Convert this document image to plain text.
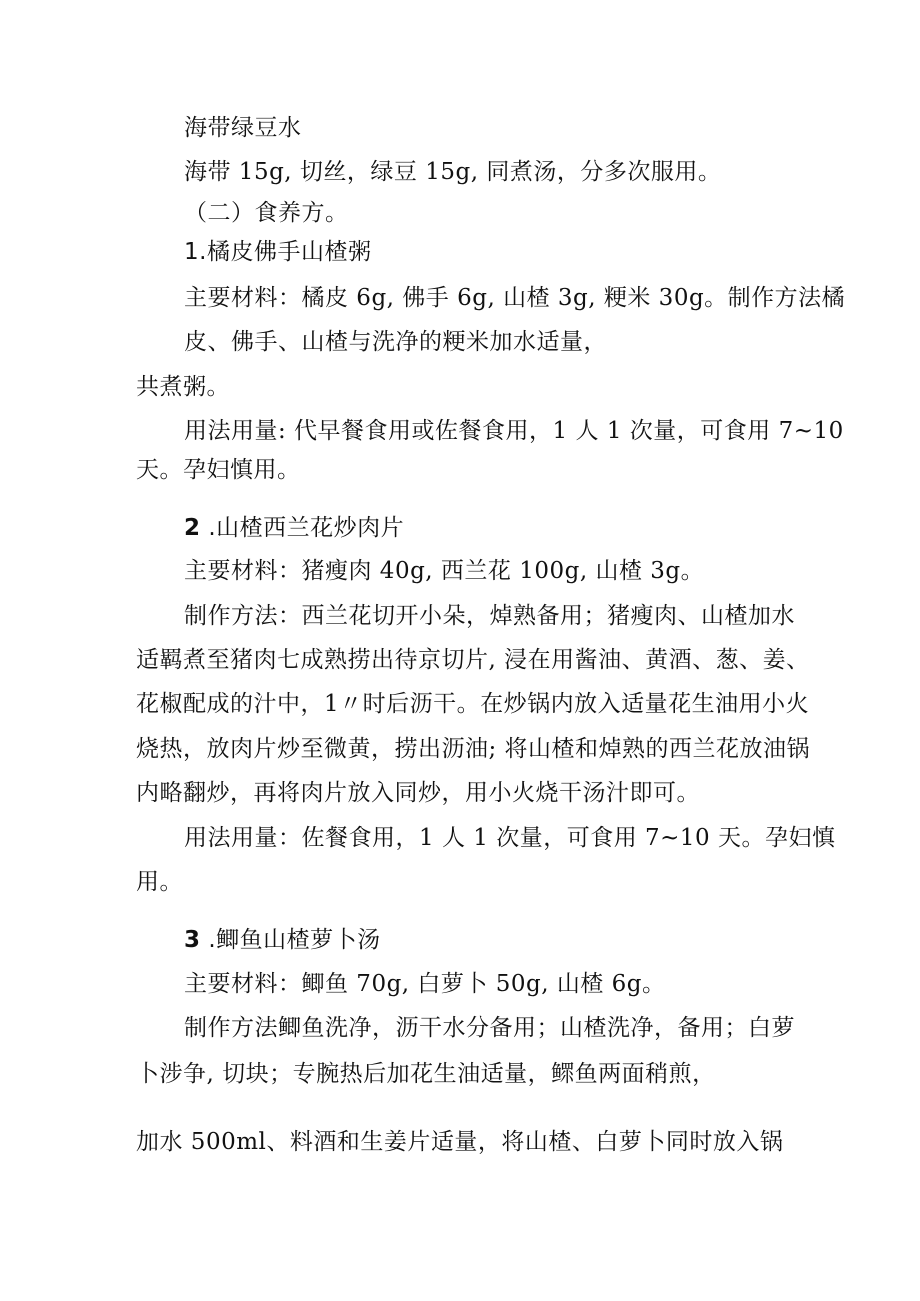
海带绿豆水
海带 15g, 切丝，绿豆 15g, 同煮汤，分多次服用。
（二）食养方。
1.橘皮佛手山楂粥
主要材料：橘皮 6g, 佛手 6g, 山楂 3g, 粳米 30g。制作方法橘
皮、佛手、山楂与洗净的粳米加水适量，
共煮粥。
用法用量: 代早餐食用或佐餐食用，1 人 1 次量，可食用 7~10
天。孕妇慎用。
2 .山楂西兰花炒肉片
主要材料：猪瘦肉 40g, 西兰花 100g, 山楂 3g。
制作方法：西兰花切开小朵，焯熟备用；猪瘦肉、山楂加水
适羁煮至猪肉七成熟捞出待京切片, 浸在用酱油、黄酒、葱、姜、
花椒配成的汁中，1〃时后沥干。在炒锅内放入适量花生油用小火
烧热，放肉片炒至微黄，捞出沥油; 将山楂和焯熟的西兰花放油锅
内略翻炒，再将肉片放入同炒，用小火烧干汤汁即可。
用法用量：佐餐食用，1 人 1 次量，可食用 7~10 天。孕妇慎
用。
3 .鲫鱼山楂萝卜汤
主要材料：鲫鱼 70g, 白萝卜 50g, 山楂 6g。
制作方法鲫鱼洗净，沥干水分备用；山楂洗净，备用；白萝
卜涉争, 切块；专腕热后加花生油适量，鳏鱼两面稍煎，
加水 500ml、料酒和生姜片适量，将山楂、白萝卜同时放入锅
